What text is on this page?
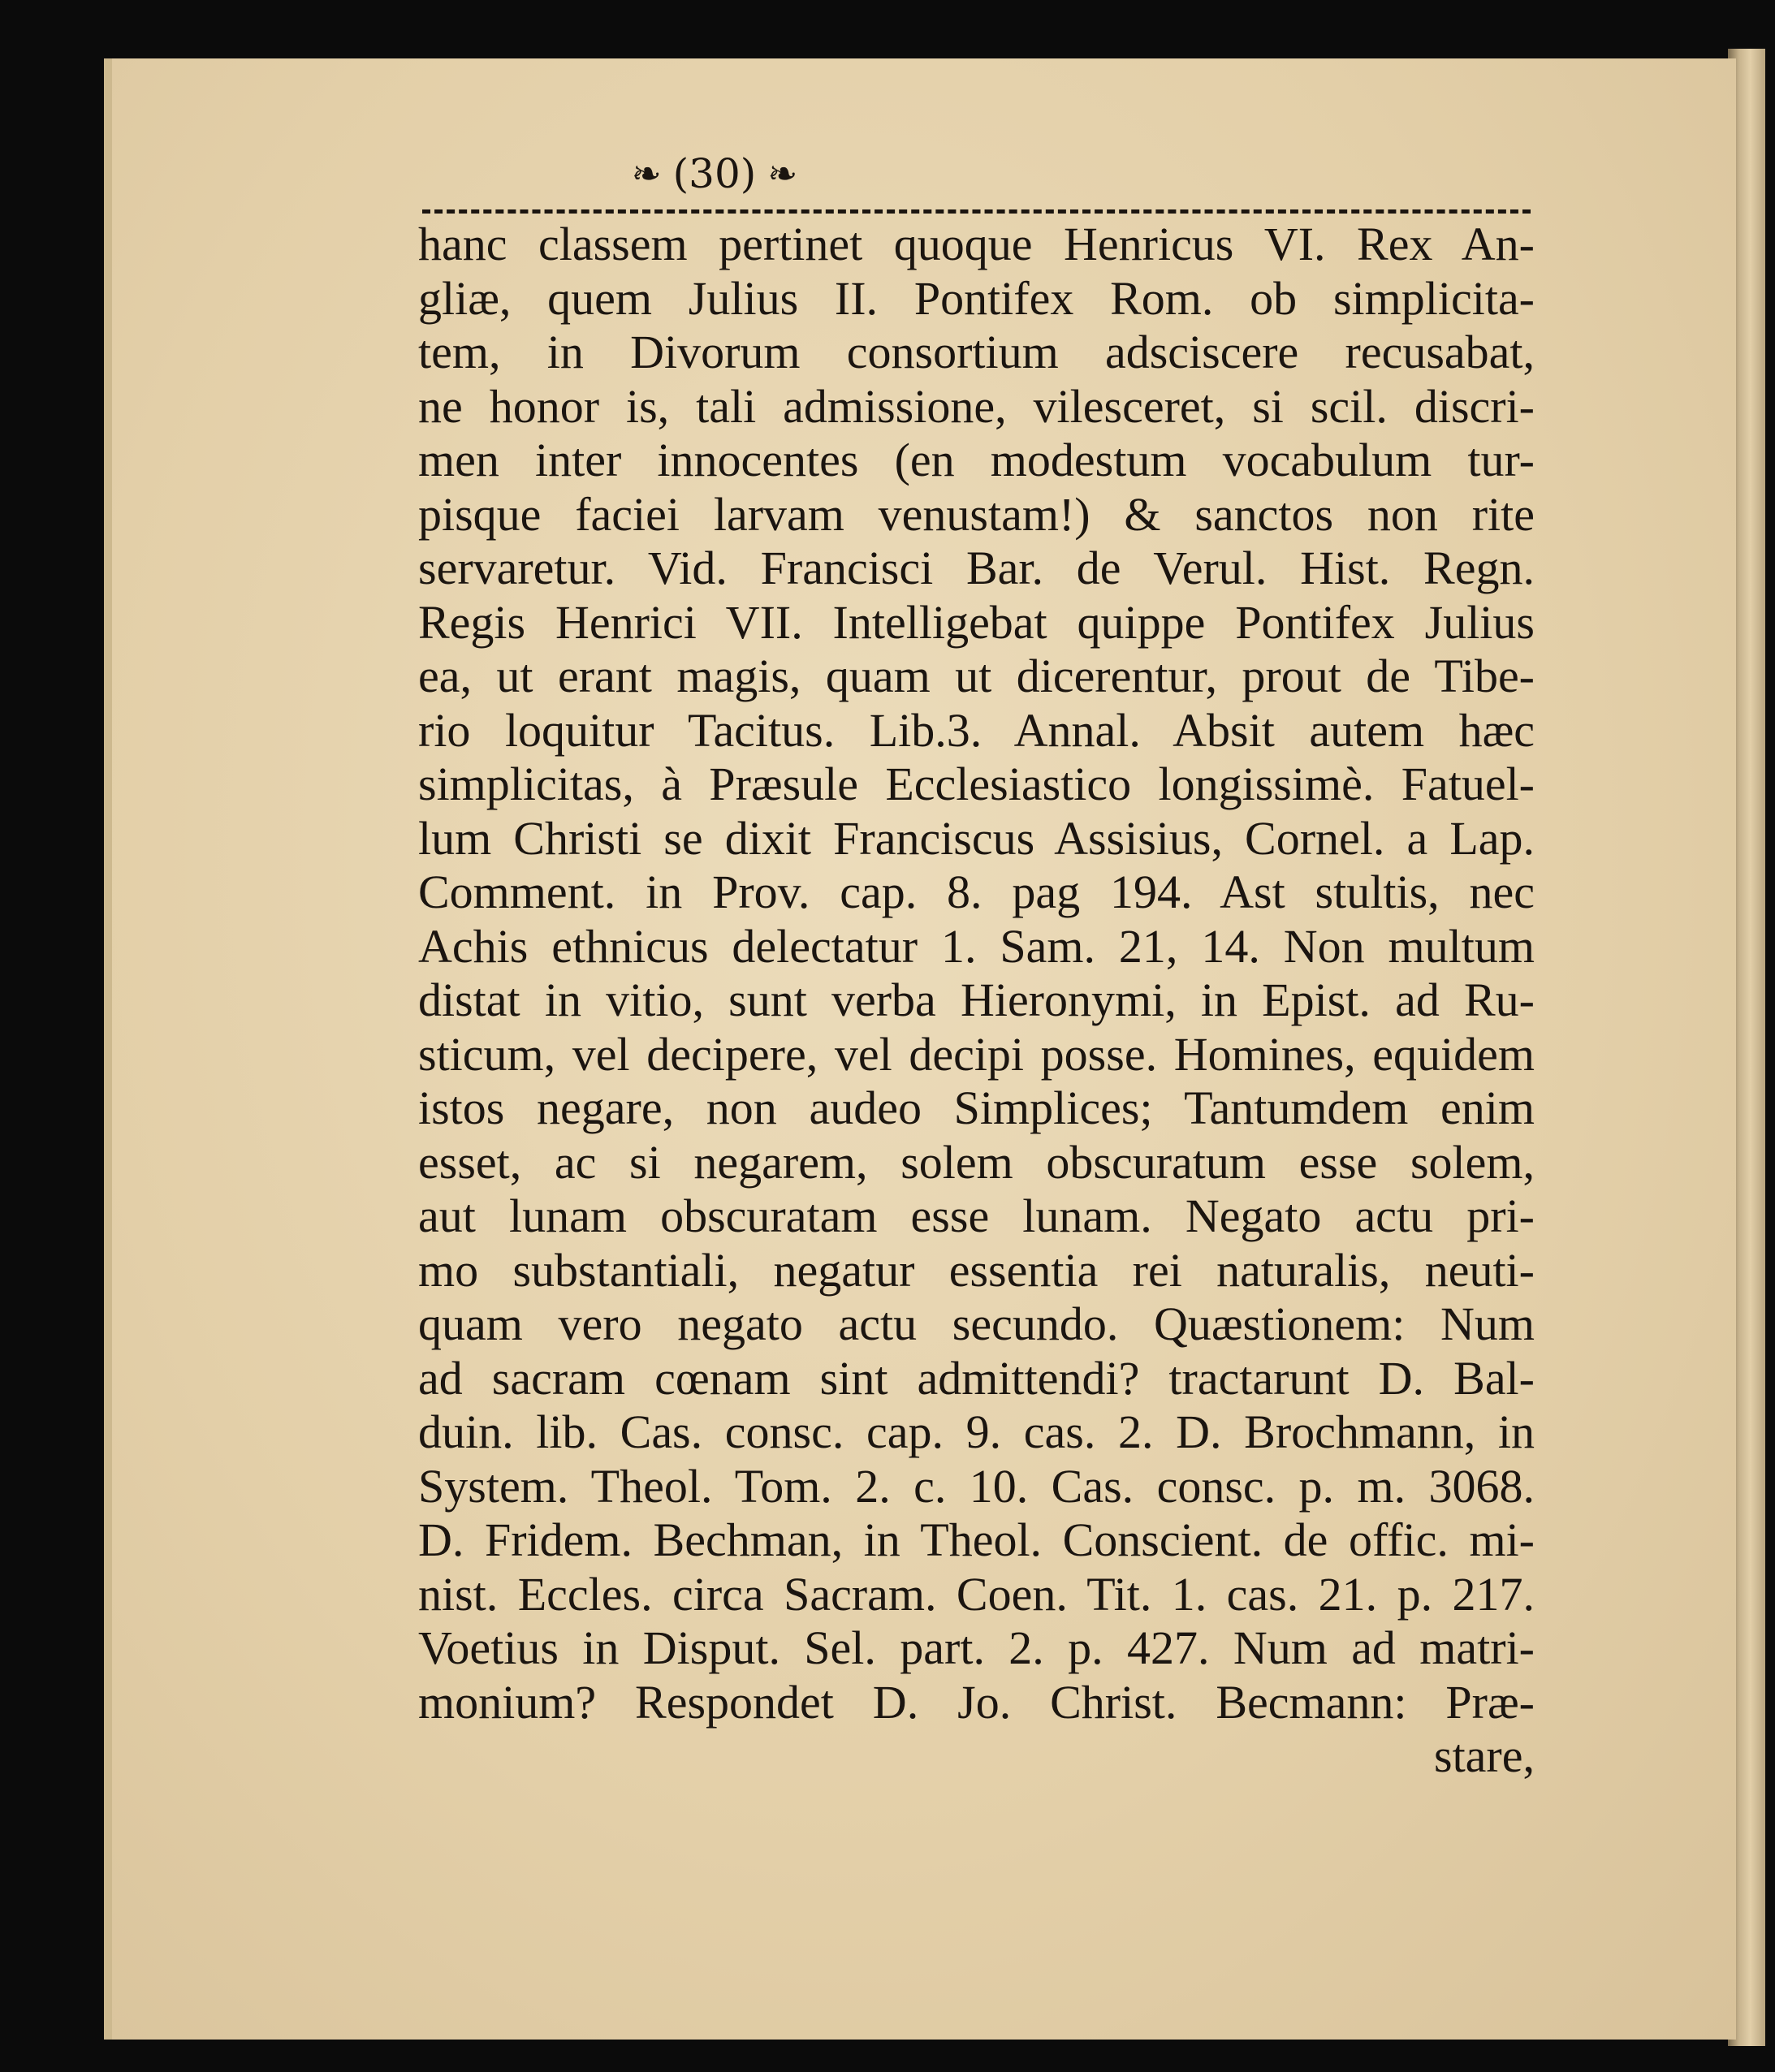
❧ (30) ❧
hanc classem pertinet quoque Henricus VI. Rex An-
gliæ, quem Julius II. Pontifex Rom. ob simplicita-
tem, in Divorum consortium adsciscere recusabat,
ne honor is, tali admissione, vilesceret, si scil. discri-
men inter innocentes (en modestum vocabulum tur-
pisque faciei larvam venustam!) & sanctos non rite
servaretur. Vid. Francisci Bar. de Verul. Hist. Regn.
Regis Henrici VII. Intelligebat quippe Pontifex Julius
ea, ut erant magis, quam ut dicerentur, prout de Tibe-
rio loquitur Tacitus. Lib.3. Annal. Absit autem hæc
simplicitas, à Præsule Ecclesiastico longissimè. Fatuel-
lum Christi se dixit Franciscus Assisius, Cornel. a Lap.
Comment. in Prov. cap. 8. pag 194. Ast stultis, nec
Achis ethnicus delectatur 1. Sam. 21, 14. Non multum
distat in vitio, sunt verba Hieronymi, in Epist. ad Ru-
sticum, vel decipere, vel decipi posse. Homines, equidem
istos negare, non audeo Simplices; Tantumdem enim
esset, ac si negarem, solem obscuratum esse solem,
aut lunam obscuratam esse lunam. Negato actu pri-
mo substantiali, negatur essentia rei naturalis, neuti-
quam vero negato actu secundo. Quæstionem: Num
ad sacram cœnam sint admittendi? tractarunt D. Bal-
duin. lib. Cas. consc. cap. 9. cas. 2. D. Brochmann, in
System. Theol. Tom. 2. c. 10. Cas. consc. p. m. 3068.
D. Fridem. Bechman, in Theol. Conscient. de offic. mi-
nist. Eccles. circa Sacram. Coen. Tit. 1. cas. 21. p. 217.
Voetius in Disput. Sel. part. 2. p. 427. Num ad matri-
monium? Respondet D. Jo. Christ. Becmann: Præ-
stare,
